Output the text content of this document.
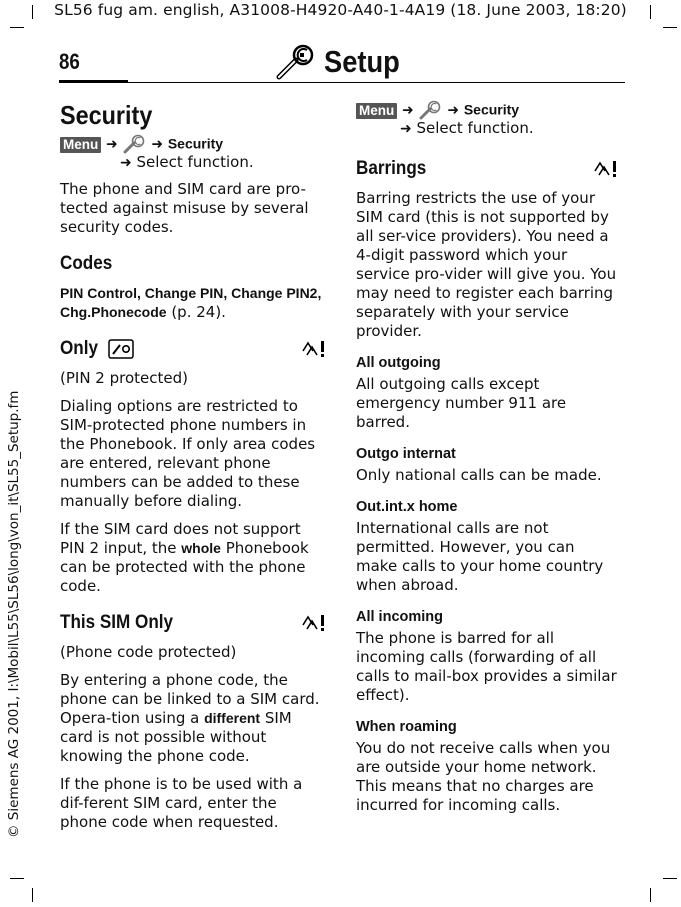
SL56 fug am. english, A31008-H4920-A40-1-4A19 (18. June 2003, 18:20)
© Siemens AG 2001, I:\Mobil\L55\SL56\long\von_it\SL55_Setup.fm
86	Setup
Security
Menu ➜ ➜ Security
➜ Select function.

The phone and SIM card are pro-tected against misuse by several security codes.

Codes

PIN Control, Change PIN, Change PIN2, Chg.Phonecode (p. 24).

Only

(PIN 2 protected)

Dialing options are restricted to SIM-protected phone numbers in the Phonebook. If only area codes are entered, relevant phone numbers can be added to these manually before dialing.

If the SIM card does not support PIN 2 input, the whole Phonebook can be protected with the phone code.

This SIM Only

(Phone code protected)

By entering a phone code, the phone can be linked to a SIM card. Opera-tion using a different SIM card is not possible without knowing the phone code.

If the phone is to be used with a dif-ferent SIM card, enter the phone code when requested.

Menu ➜ ➜ Security
➜ Select function.
Barrings

Barring restricts the use of your SIM card (this is not supported by all ser-vice providers). You need a 4-digit password which your service pro-vider will give you. You may need to register each barring separately with your service provider.

All outgoing

All outgoing calls except emergency number 911 are barred.

Outgo internat

Only national calls can be made.

Out.int.x home

International calls are not permitted. However, you can make calls to your home country when abroad.

All incoming

The phone is barred for all incoming calls (forwarding of all calls to mail-box provides a similar effect).

When roaming

You do not receive calls when you are outside your home network. This means that no charges are incurred for incoming calls.
